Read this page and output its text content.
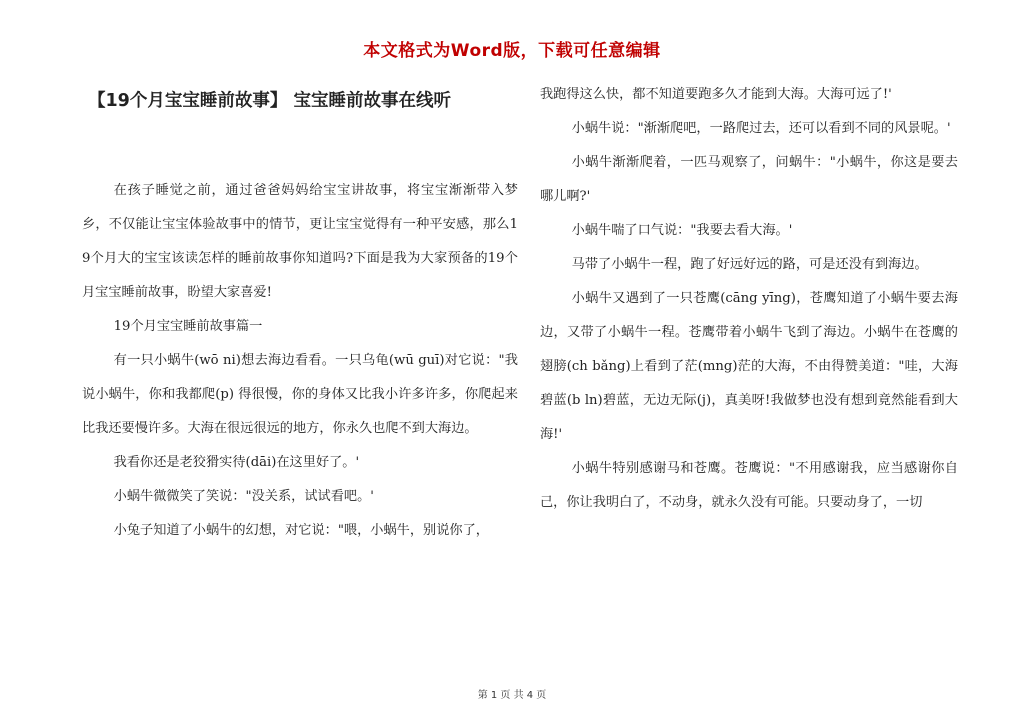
本文格式为Word版，下载可任意编辑
【19个月宝宝睡前故事】 宝宝睡前故事在线听

在孩子睡觉之前，通过爸爸妈妈给宝宝讲故事，将宝宝渐渐带入梦乡，不仅能让宝宝体验故事中的情节，更让宝宝觉得有一种平安感，那么19个月大的宝宝该读怎样的睡前故事你知道吗?下面是我为大家预备的19个月宝宝睡前故事，盼望大家喜爱!

19个月宝宝睡前故事篇一

有一只小蜗牛(wō ni)想去海边看看。一只乌龟(wū guī)对它说："我说小蜗牛，你和我都爬(p) 得很慢，你的身体又比我小许多许多，你爬起来比我还要慢许多。大海在很远很远的地方，你永久也爬不到大海边。

我看你还是老狡猾实待(dāi)在这里好了。'

小蜗牛微微笑了笑说："没关系，试试看吧。'

小兔子知道了小蜗牛的幻想，对它说："喂，小蜗牛，别说你了，

我跑得这么快，都不知道要跑多久才能到大海。大海可远了!'

小蜗牛说："渐渐爬吧，一路爬过去，还可以看到不同的风景呢。'

小蜗牛渐渐爬着，一匹马观察了，问蜗牛："小蜗牛，你这是要去哪儿啊?'

小蜗牛喘了口气说："我要去看大海。'

马带了小蜗牛一程，跑了好远好远的路，可是还没有到海边。

小蜗牛又遇到了一只苍鹰(cāng yīng)，苍鹰知道了小蜗牛要去海边，又带了小蜗牛一程。苍鹰带着小蜗牛飞到了海边。小蜗牛在苍鹰的翅膀(ch bǎng)上看到了茫(mng)茫的大海，不由得赞美道："哇，大海碧蓝(b ln)碧蓝，无边无际(j)，真美呀!我做梦也没有想到竟然能看到大海!'

小蜗牛特别感谢马和苍鹰。苍鹰说："不用感谢我，应当感谢你自己，你让我明白了，不动身，就永久没有可能。只要动身了，一切

第 1 页 共 4 页
